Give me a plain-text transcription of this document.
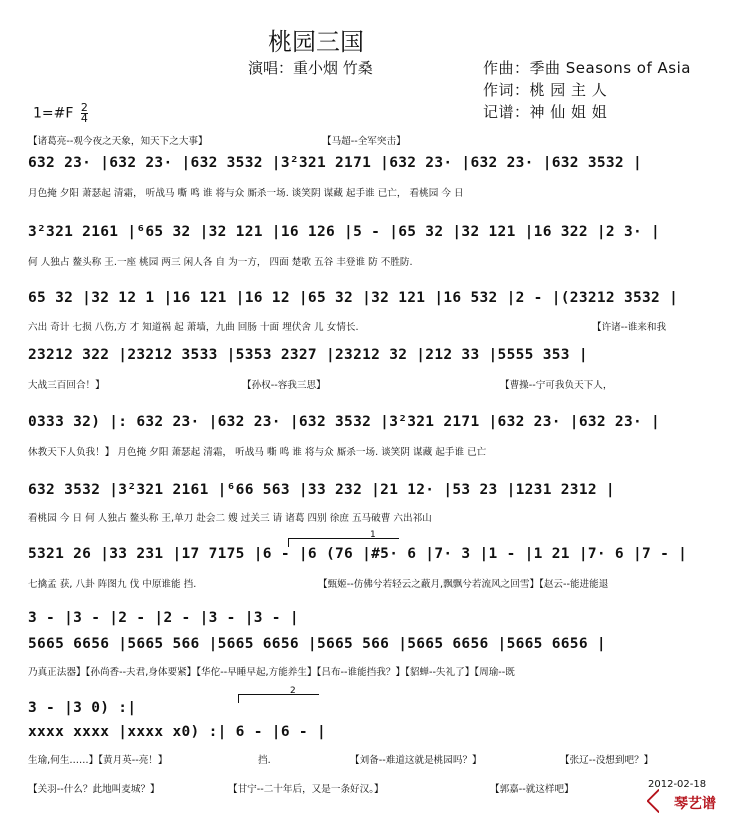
桃园三国
演唱：重小烟 竹桑	作曲：季曲 Seasons of Asia
作词：桃 园 主 人
记谱：神 仙 姐 姐
1=#F $\frac{2}{4}$
【诸葛亮--观今夜之天象，知天下之大事】	【马超--全军突击】
632 23· |632 23· |632 3532 |3²321 2171 |632 23· |632 23· |632 3532 |
月色掩 夕阳 萧瑟起 清霜， 听战马 嘶 鸣 谁 将与众 厮杀一场. 谈笑阴 谋藏 起手谁 已亡， 看桃园 今 日
3²321 2161 |⁶65 32 |32 121 |16 126 |5 - |65 32 |32 121 |16 322 |2 3· |
何 人独占 鳌头称 王.一座 桃园 两三 闲人各 自 为一方， 四面 楚歌 五谷 丰登谁 防 不胜防.
65 32 |32 12 1 |16 121 |16 12 |65 32 |32 121 |16 532 |2 - |(23212 3532 |
六出 奇计 七损 八伤,方 才 知道祸 起 萧墙，九曲 回肠 十面 埋伏舍 儿 女情长.	【许诸--谁来和我
23212 322 |23212 3533 |5353 2327 |23212 32 |212 33 |5555 353 |
大战三百回合！】	【孙权--容我三思】	【曹操--宁可我负天下人，
0333 32) |: 632 23· |632 23· |632 3532 |3²321 2171 |632 23· |632 23· |
休教天下人负我！】 月色掩 夕阳 萧瑟起 清霜， 听战马 嘶 鸣 谁 将与众 厮杀一场. 谈笑阴 谋藏 起手谁 已亡
632 3532 |3²321 2161 |⁶66 563 |33 232 |21 12· |53 23 |1231 2312 |
看桃园 今 日 何 人独占 鳌头称 王,单刀 赴会二 嫂 过关三 请 诸葛 四别 徐庶 五马破曹 六出祁山
1
5321 26 |33 231 |17 7175 |6 - |6 (76 |#5· 6 |7· 3 |1 - |1 21 |7· 6 |7 - |
七擒孟 获, 八卦 阵图九 伐 中原谁能 挡.	【甄姬--仿佛兮若轻云之蔽月,飘飘兮若流风之回雪】【赵云--能进能退
3 - |3 - |2 - |2 - |3 - |3 - |
5665 6656 |5665 566 |5665 6656 |5665 566 |5665 6656 |5665 6656 |
乃真正法器】【孙尚香--夫君,身体要紧】【华佗--早睡早起,方能养生】【吕布--谁能挡我？】【貂蝉--失礼了】【周瑜--既
2
3 - |3 0) :|
xxxx xxxx |xxxx x0) :| 6 - |6 - |
生瑜,何生……】【黄月英--亮！】	挡.	【刘备--难道这就是桃园吗？】	【张辽--没想到吧？】
【关羽--什么？此地叫麦城？】	【甘宁--二十年后，又是一条好汉。】	【郭嘉--就这样吧】	2012-02-18
琴艺谱
